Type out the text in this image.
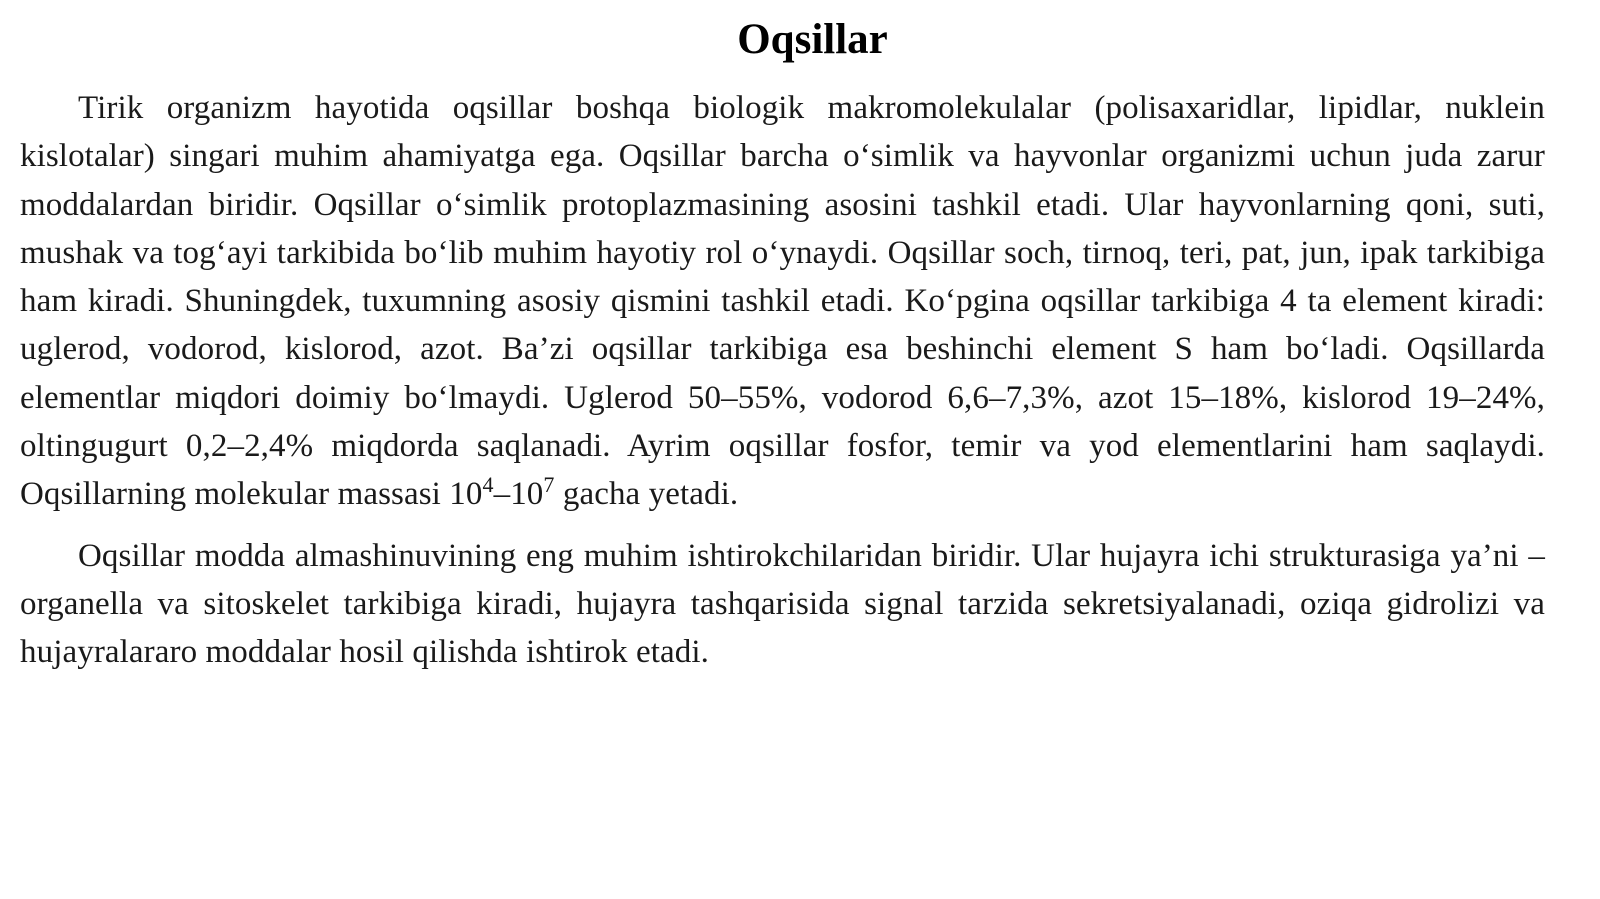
Oqsillar

Tirik organizm hayotida oqsillar boshqa biologik makromolekulalar (polisaxaridlar, lipidlar, nuklein kislotalar) singari muhim ahamiyatga ega. Oqsillar barcha o‘simlik va hayvonlar organizmi uchun juda zarur moddalardan biridir. Oqsillar o‘simlik protoplazmasining asosini tashkil etadi. Ular hayvonlarning qoni, suti, mushak va tog‘ayi tarkibida bo‘lib muhim hayotiy rol o‘ynaydi. Oqsillar soch, tirnoq, teri, pat, jun, ipak tarkibiga ham kiradi. Shuningdek, tuxumning asosiy qismini tashkil etadi. Ko‘pgina oqsillar tarkibiga 4 ta element kiradi: uglerod, vodorod, kislorod, azot. Ba’zi oqsillar tarkibiga esa beshinchi element S ham bo‘ladi. Oqsillarda elementlar miqdori doimiy bo‘lmaydi. Uglerod 50–55%, vodorod 6,6–7,3%, azot 15–18%, kislorod 19–24%, oltingugurt 0,2–2,4% miqdorda saqlanadi. Ayrim oqsillar fosfor, temir va yod elementlarini ham saqlaydi. Oqsillarning molekular massasi $10^4-10^7$ gacha yetadi.

Oqsillar modda almashinuvining eng muhim ishtirokchilaridan biridir. Ular hujayra ichi strukturasiga ya’ni – organella va sitoskelet tarkibiga kiradi, hujayra tashqarisida signal tarzida sekretsiyalanadi, oziqa gidrolizi va hujayralararo moddalar hosil qilishda ishtirok etadi.
